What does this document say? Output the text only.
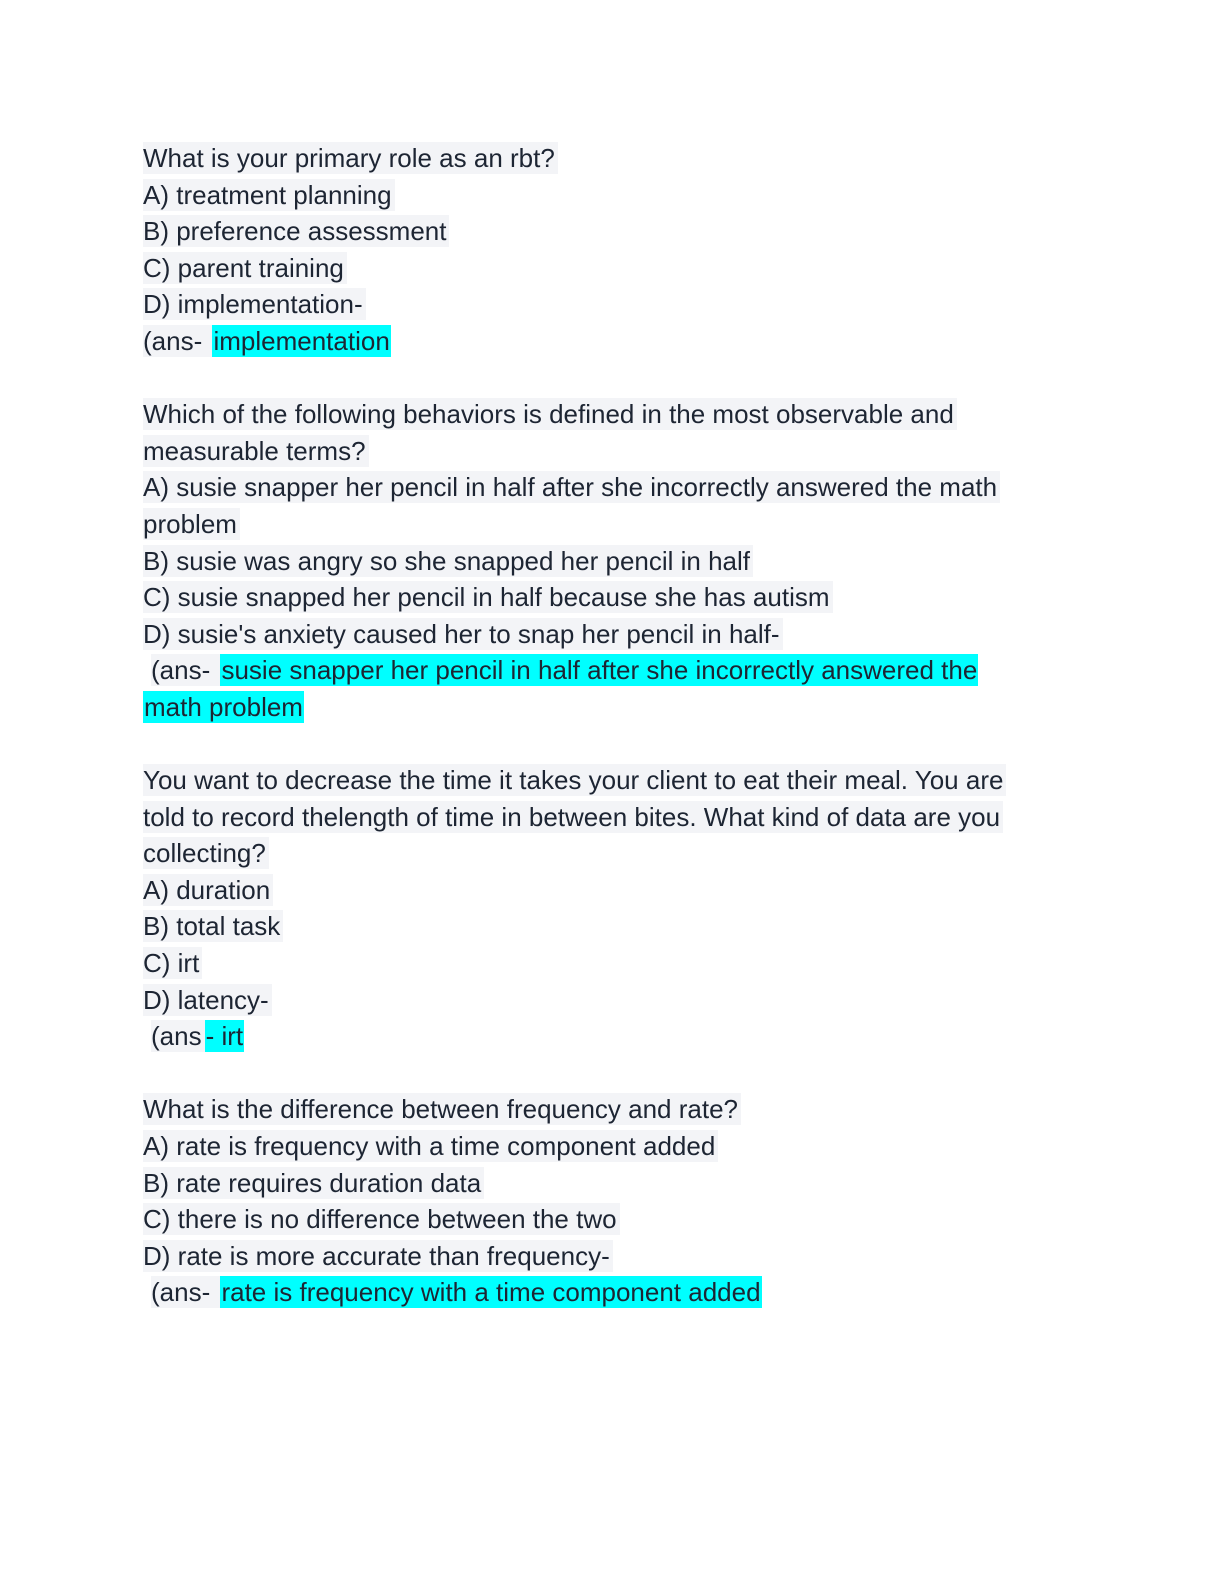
What is your primary role as an rbt?
A) treatment planning
B) preference assessment
C) parent training
D) implementation-
(ans- implementation
Which of the following behaviors is defined in the most observable and
measurable terms?
A) susie snapper her pencil in half after she incorrectly answered the math
problem
B) susie was angry so she snapped her pencil in half
C) susie snapped her pencil in half because she has autism
D) susie's anxiety caused her to snap her pencil in half-
(ans- susie snapper her pencil in half after she incorrectly answered the
math problem
You want to decrease the time it takes your client to eat their meal. You are
told to record thelength of time in between bites. What kind of data are you
collecting?
A) duration
B) total task
C) irt
D) latency-
(ans - irt
What is the difference between frequency and rate?
A) rate is frequency with a time component added
B) rate requires duration data
C) there is no difference between the two
D) rate is more accurate than frequency-
(ans- rate is frequency with a time component added
